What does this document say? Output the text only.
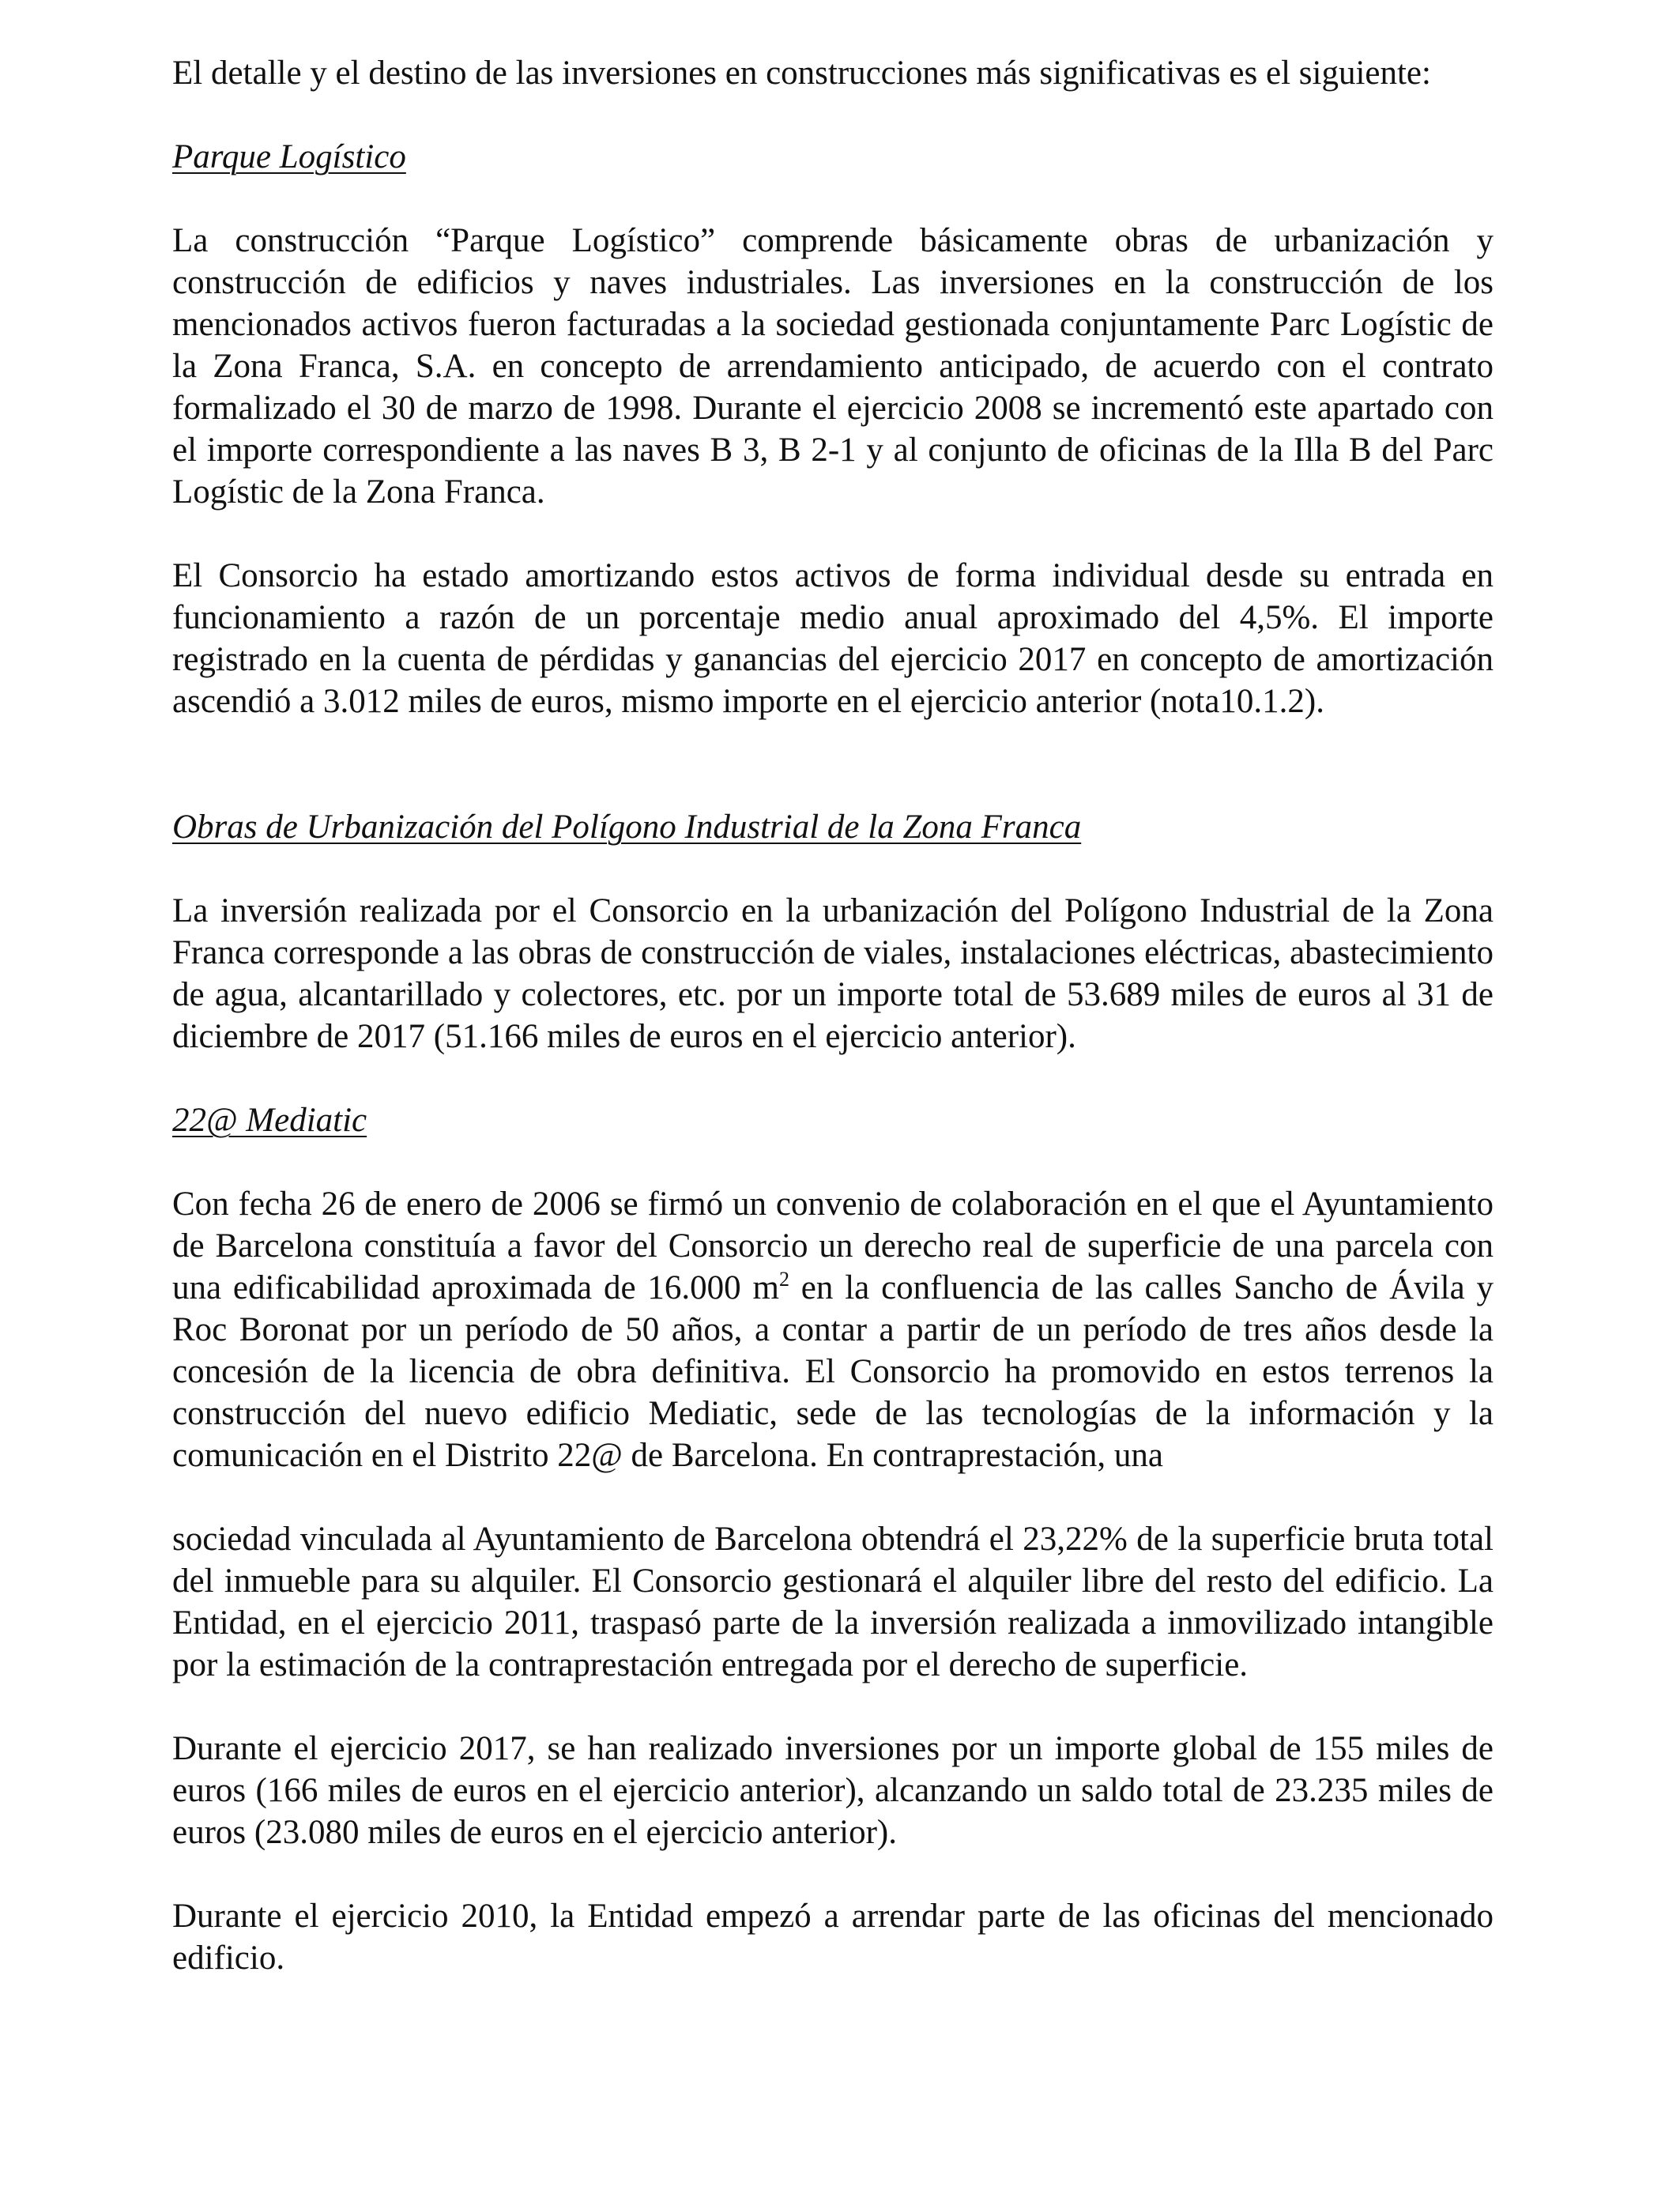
El detalle y el destino de las inversiones en construcciones más significativas es el siguiente:

Parque Logístico

La construcción “Parque Logístico” comprende básicamente obras de urbanización y construcción de edificios y naves industriales. Las inversiones en la construcción de los mencionados activos fueron facturadas a la sociedad gestionada conjuntamente Parc Logístic de la Zona Franca, S.A. en concepto de arrendamiento anticipado, de acuerdo con el contrato formalizado el 30 de marzo de 1998. Durante el ejercicio 2008 se incrementó este apartado con el importe correspondiente a las naves B 3, B 2-1 y al conjunto de oficinas de la Illa B del Parc Logístic de la Zona Franca.

El Consorcio ha estado amortizando estos activos de forma individual desde su entrada en funcionamiento a razón de un porcentaje medio anual aproximado del 4,5%. El importe registrado en la cuenta de pérdidas y ganancias del ejercicio 2017 en concepto de amortización ascendió a 3.012 miles de euros, mismo importe en el ejercicio anterior (nota10.1.2).

Obras de Urbanización del Polígono Industrial de la Zona Franca

La inversión realizada por el Consorcio en la urbanización del Polígono Industrial de la Zona Franca corresponde a las obras de construcción de viales, instalaciones eléctricas, abastecimiento de agua, alcantarillado y colectores, etc. por un importe total de 53.689 miles de euros al 31 de diciembre de 2017 (51.166 miles de euros en el ejercicio anterior).

22@ Mediatic

Con fecha 26 de enero de 2006 se firmó un convenio de colaboración en el que el Ayuntamiento de Barcelona constituía a favor del Consorcio un derecho real de superficie de una parcela con una edificabilidad aproximada de 16.000 $m^2$ en la confluencia de las calles Sancho de Ávila y Roc Boronat por un período de 50 años, a contar a partir de un período de tres años desde la concesión de la licencia de obra definitiva. El Consorcio ha promovido en estos terrenos la construcción del nuevo edificio Mediatic, sede de las tecnologías de la información y la comunicación en el Distrito 22@ de Barcelona. En contraprestación, una

sociedad vinculada al Ayuntamiento de Barcelona obtendrá el 23,22% de la superficie bruta total del inmueble para su alquiler. El Consorcio gestionará el alquiler libre del resto del edificio. La Entidad, en el ejercicio 2011, traspasó parte de la inversión realizada a inmovilizado intangible por la estimación de la contraprestación entregada por el derecho de superficie.

Durante el ejercicio 2017, se han realizado inversiones por un importe global de 155 miles de euros (166 miles de euros en el ejercicio anterior), alcanzando un saldo total de 23.235 miles de euros (23.080 miles de euros en el ejercicio anterior).

Durante el ejercicio 2010, la Entidad empezó a arrendar parte de las oficinas del mencionado edificio.
